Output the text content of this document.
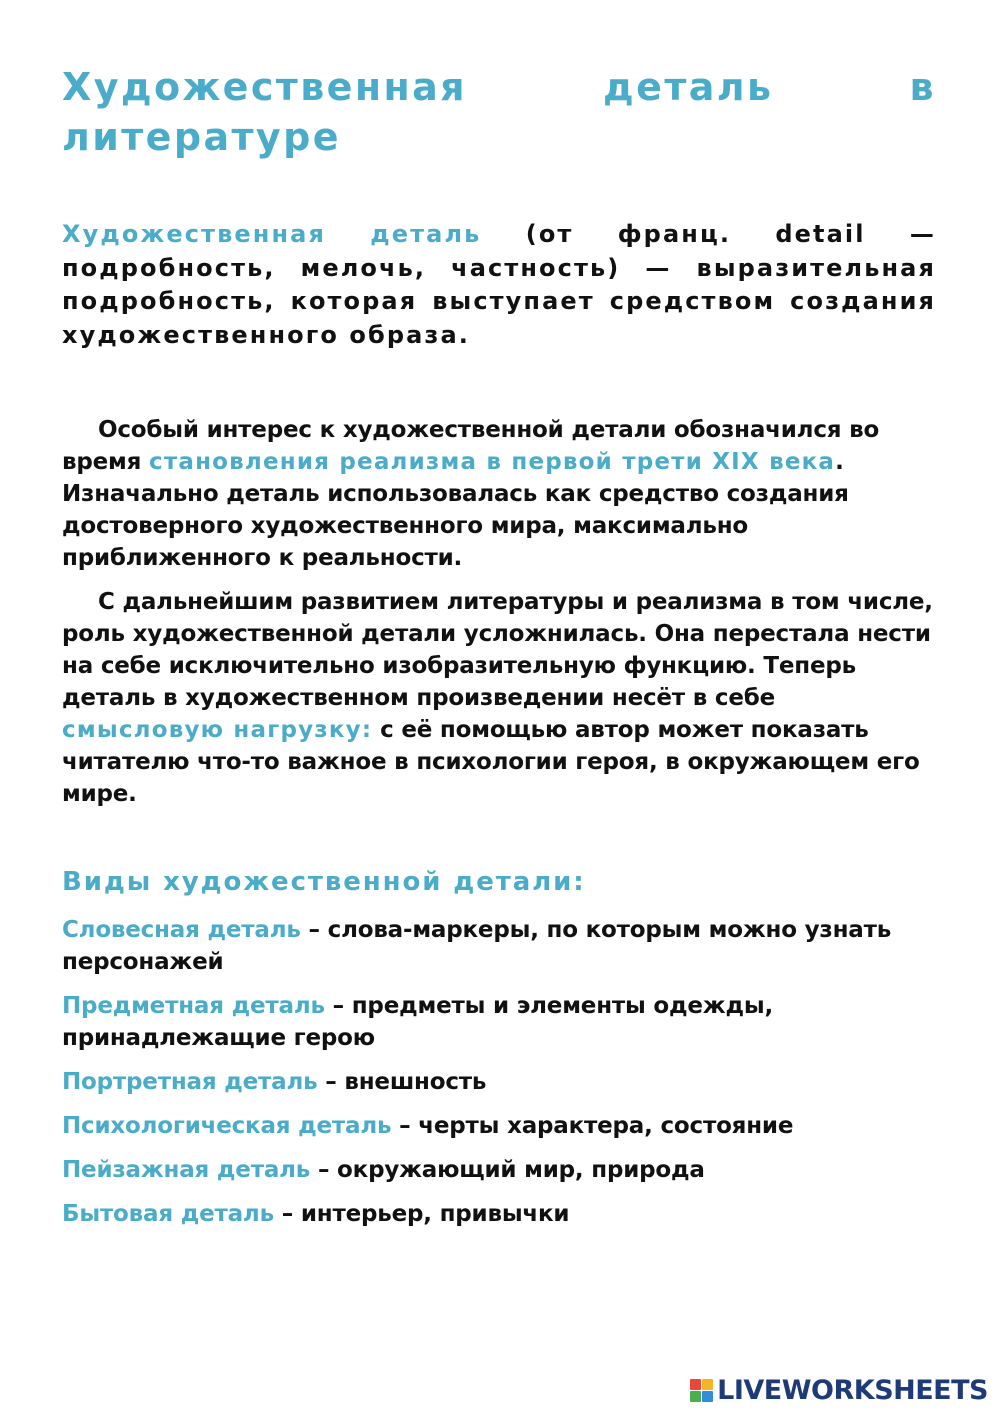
Художественная деталь в литературе

Художественная деталь (от франц. detail — подробность, мелочь, частность) — выразительная подробность, которая выступает средством создания художественного образа.

Особый интерес к художественной детали обозначился во время становления реализма в первой трети XIX века. Изначально деталь использовалась как средство создания достоверного художественного мира, максимально приближенного к реальности.

С дальнейшим развитием литературы и реализма в том числе, роль художественной детали усложнилась. Она перестала нести на себе исключительно изобразительную функцию. Теперь деталь в художественном произведении несёт в себе смысловую нагрузку: с её помощью автор может показать читателю что-то важное в психологии героя, в окружающем его мире.

Виды художественной детали:
Словесная деталь – слова-маркеры, по которым можно узнать персонажей
Предметная деталь – предметы и элементы одежды, принадлежащие герою
Портретная деталь – внешность
Психологическая деталь – черты характера, состояние
Пейзажная деталь – окружающий мир, природа
Бытовая деталь – интерьер, привычки
LIVEWORKSHEETS
